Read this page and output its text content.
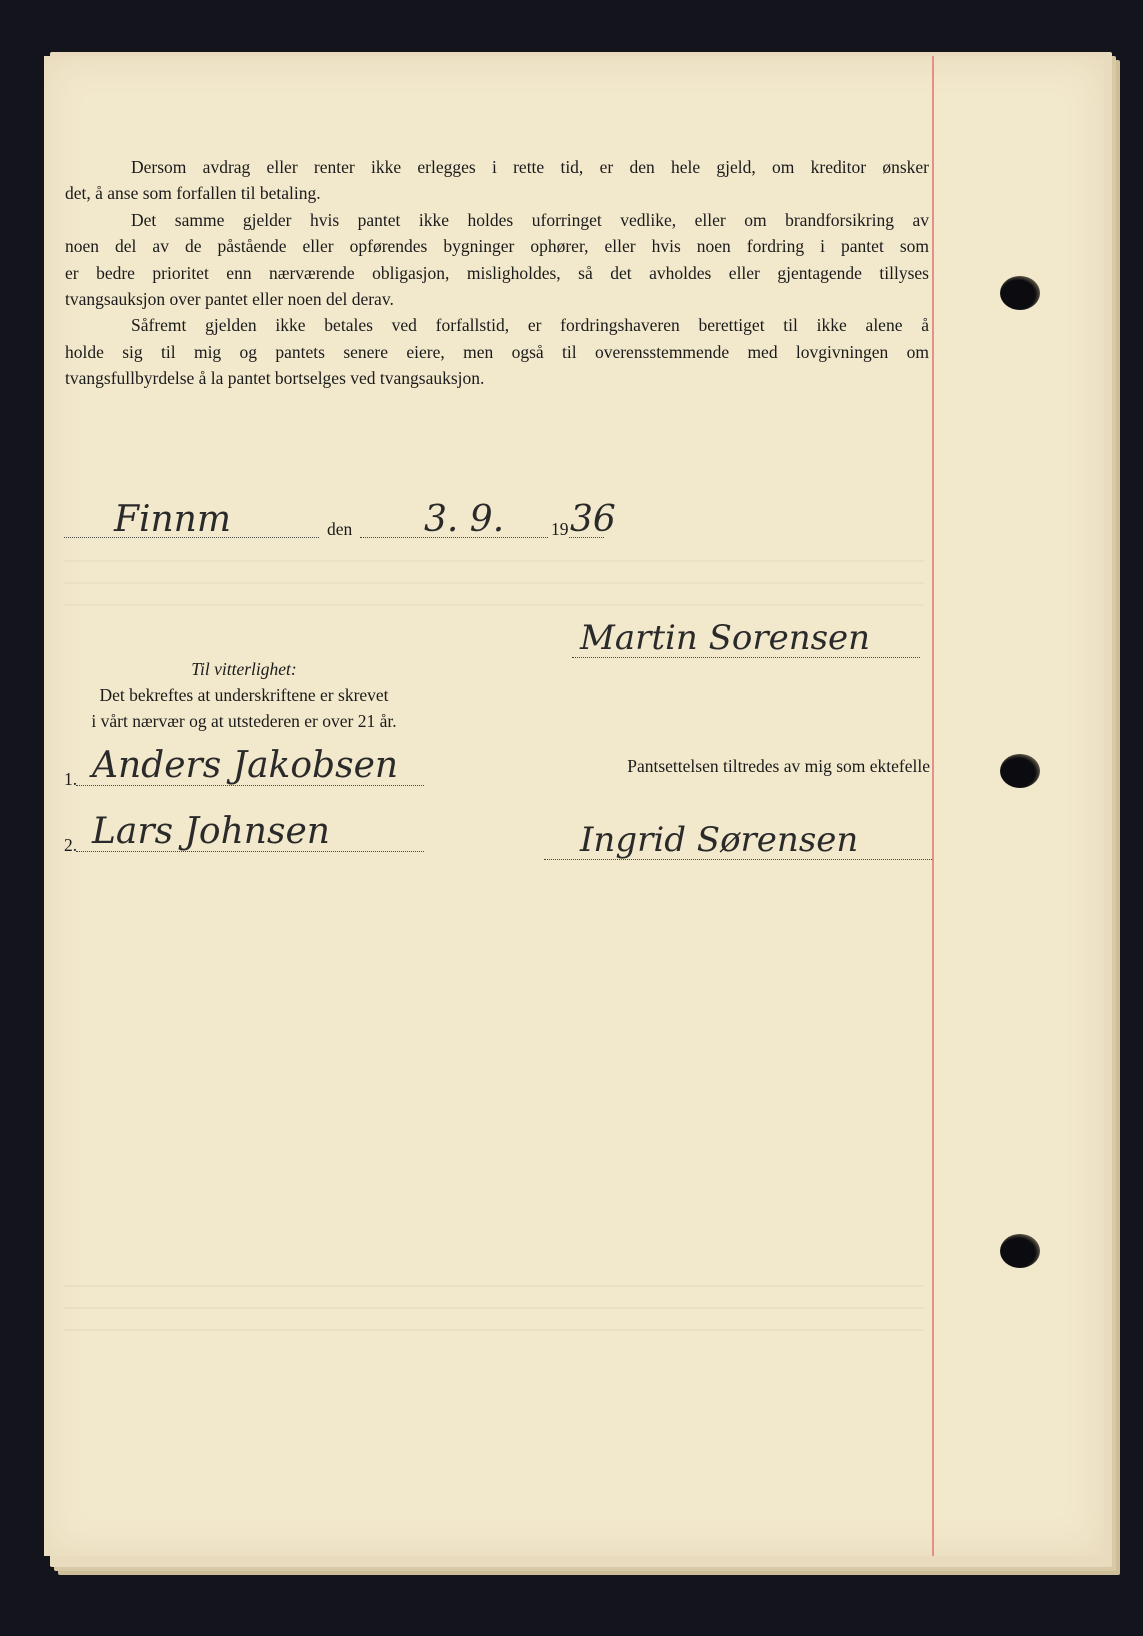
Dersom avdrag eller renter ikke erlegges i rette tid, er den hele gjeld, om kreditor ønsker

det, å anse som forfallen til betaling.

Det samme gjelder hvis pantet ikke holdes uforringet vedlike, eller om brandforsikring av

noen del av de påstående eller opførendes bygninger ophører, eller hvis noen fordring i pantet som

er bedre prioritet enn nærværende obligasjon, misligholdes, så det avholdes eller gjentagende tillyses

tvangsauksjon over pantet eller noen del derav.

Såfremt gjelden ikke betales ved forfallstid, er fordringshaveren berettiget til ikke alene å

holde sig til mig og pantets senere eiere, men også til overensstemmende med lovgivningen om

tvangsfullbyrdelse å la pantet bortselges ved tvangsauksjon.

Finnm	den 3. 9.	19 36
Martin Sorensen

Til vitterlighet:

Det bekreftes at underskriftene er skrevet

i vårt nærvær og at utstederen er over 21 år.

1. Anders Jakobsen
2. Lars Johnsen
Pantsettelsen tiltredes av mig som ektefelle
Ingrid Sørensen
